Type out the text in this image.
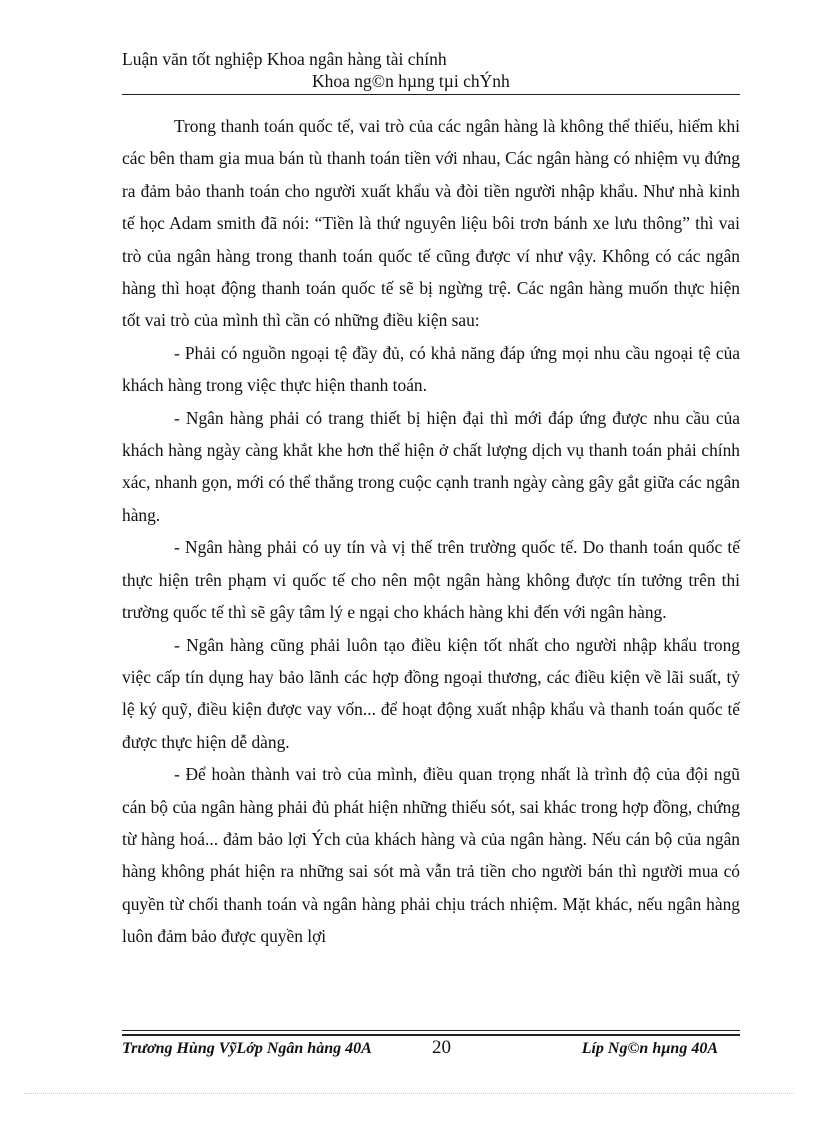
Luận văn tốt nghiệp Khoa ngân hàng tài chính
Khoa ng©n hµng tµi chÝnh

Trong thanh toán quốc tế, vai trò của các ngân hàng là không thể thiếu, hiếm khi các bên tham gia mua bán tù thanh toán tiền với nhau, Các ngân hàng có nhiệm vụ đứng ra đảm bảo thanh toán cho người xuất khẩu và đòi tiền người nhập khẩu. Như nhà kinh tế học Adam smith đã nói: “Tiền là thứ nguyên liệu bôi trơn bánh xe lưu thông” thì vai trò của ngân hàng trong thanh toán quốc tế cũng được ví như vậy. Không có các ngân hàng thì hoạt động thanh toán quốc tế sẽ bị ngừng trệ. Các ngân hàng muốn thực hiện tốt vai trò của mình thì cần có những điều kiện sau:

- Phải có nguồn ngoại tệ đầy đủ, có khả năng đáp ứng mọi nhu cầu ngoại tệ của khách hàng trong việc thực hiện thanh toán.

- Ngân hàng phải có trang thiết bị hiện đại thì mới đáp ứng được nhu cầu của khách hàng ngày càng khắt khe hơn thể hiện ở chất lượng dịch vụ thanh toán phải chính xác, nhanh gọn, mới có thể thắng trong cuộc cạnh tranh ngày càng gây gắt giữa các ngân hàng.

- Ngân hàng phải có uy tín và vị thế trên trường quốc tế. Do thanh toán quốc tế thực hiện trên phạm vi quốc tế cho nên một ngân hàng không được tín tưởng trên thi trường quốc tế thì sẽ gây tâm lý e ngại cho khách hàng khi đến với ngân hàng.

- Ngân hàng cũng phải luôn tạo điều kiện tốt nhất cho người nhập khẩu trong việc cấp tín dụng hay bảo lãnh các hợp đồng ngoại thương, các điều kiện về lãi suất, tỷ lệ ký quỹ, điều kiện được vay vốn... để hoạt động xuất nhập khẩu và thanh toán quốc tế được thực hiện dễ dàng.

- Để hoàn thành vai trò của mình, điều quan trọng nhất là trình độ của đội ngũ cán bộ của ngân hàng phải đủ phát hiện những thiếu sót, sai khác trong hợp đồng, chứng từ hàng hoá... đảm bảo lợi Ých của khách hàng và của ngân hàng. Nếu cán bộ của ngân hàng không phát hiện ra những sai sót mà vẫn trả tiền cho người bán thì người mua có quyền từ chối thanh toán và ngân hàng phải chịu trách nhiệm. Mặt khác, nếu ngân hàng luôn đảm bảo được quyền lợi

Trương Hùng VỹLớp Ngân hàng 40A	20	Líp Ng©n hµng 40A
